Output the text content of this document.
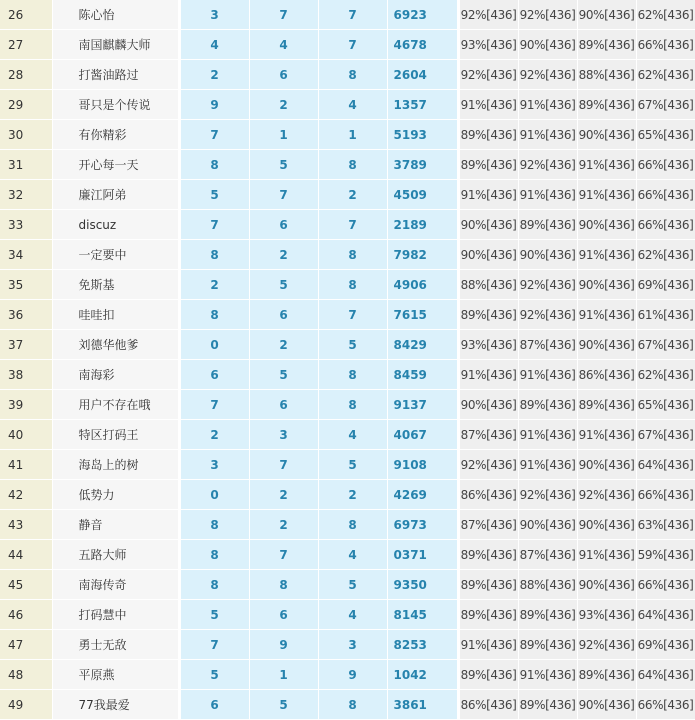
26	陈心怡		3	7	7	6923		92%[436]	92%[436]	90%[436]	62%[436]
27	南国麒麟大师		4	4	7	4678		93%[436]	90%[436]	89%[436]	66%[436]
28	打酱油路过		2	6	8	2604		92%[436]	92%[436]	88%[436]	62%[436]
29	哥只是个传说		9	2	4	1357		91%[436]	91%[436]	89%[436]	67%[436]
30	有你精彩		7	1	1	5193		89%[436]	91%[436]	90%[436]	65%[436]
31	开心每一天		8	5	8	3789		89%[436]	92%[436]	91%[436]	66%[436]
32	廉江阿弟		5	7	2	4509		91%[436]	91%[436]	91%[436]	66%[436]
33	discuz		7	6	7	2189		90%[436]	89%[436]	90%[436]	66%[436]
34	一定要中		8	2	8	7982		90%[436]	90%[436]	91%[436]	62%[436]
35	免斯基		2	5	8	4906		88%[436]	92%[436]	90%[436]	69%[436]
36	哇哇扣		8	6	7	7615		89%[436]	92%[436]	91%[436]	61%[436]
37	刘德华他爹		0	2	5	8429		93%[436]	87%[436]	90%[436]	67%[436]
38	南海彩		6	5	8	8459		91%[436]	91%[436]	86%[436]	62%[436]
39	用户不存在哦		7	6	8	9137		90%[436]	89%[436]	89%[436]	65%[436]
40	特区打码王		2	3	4	4067		87%[436]	91%[436]	91%[436]	67%[436]
41	海岛上的树		3	7	5	9108		92%[436]	91%[436]	90%[436]	64%[436]
42	低势力		0	2	2	4269		86%[436]	92%[436]	92%[436]	66%[436]
43	静音		8	2	8	6973		87%[436]	90%[436]	90%[436]	63%[436]
44	五路大师		8	7	4	0371		89%[436]	87%[436]	91%[436]	59%[436]
45	南海传奇		8	8	5	9350		89%[436]	88%[436]	90%[436]	66%[436]
46	打码慧中		5	6	4	8145		89%[436]	89%[436]	93%[436]	64%[436]
47	勇士无敌		7	9	3	8253		91%[436]	89%[436]	92%[436]	69%[436]
48	平原燕		5	1	9	1042		89%[436]	91%[436]	89%[436]	64%[436]
49	77我最爱		6	5	8	3861		86%[436]	89%[436]	90%[436]	66%[436]
